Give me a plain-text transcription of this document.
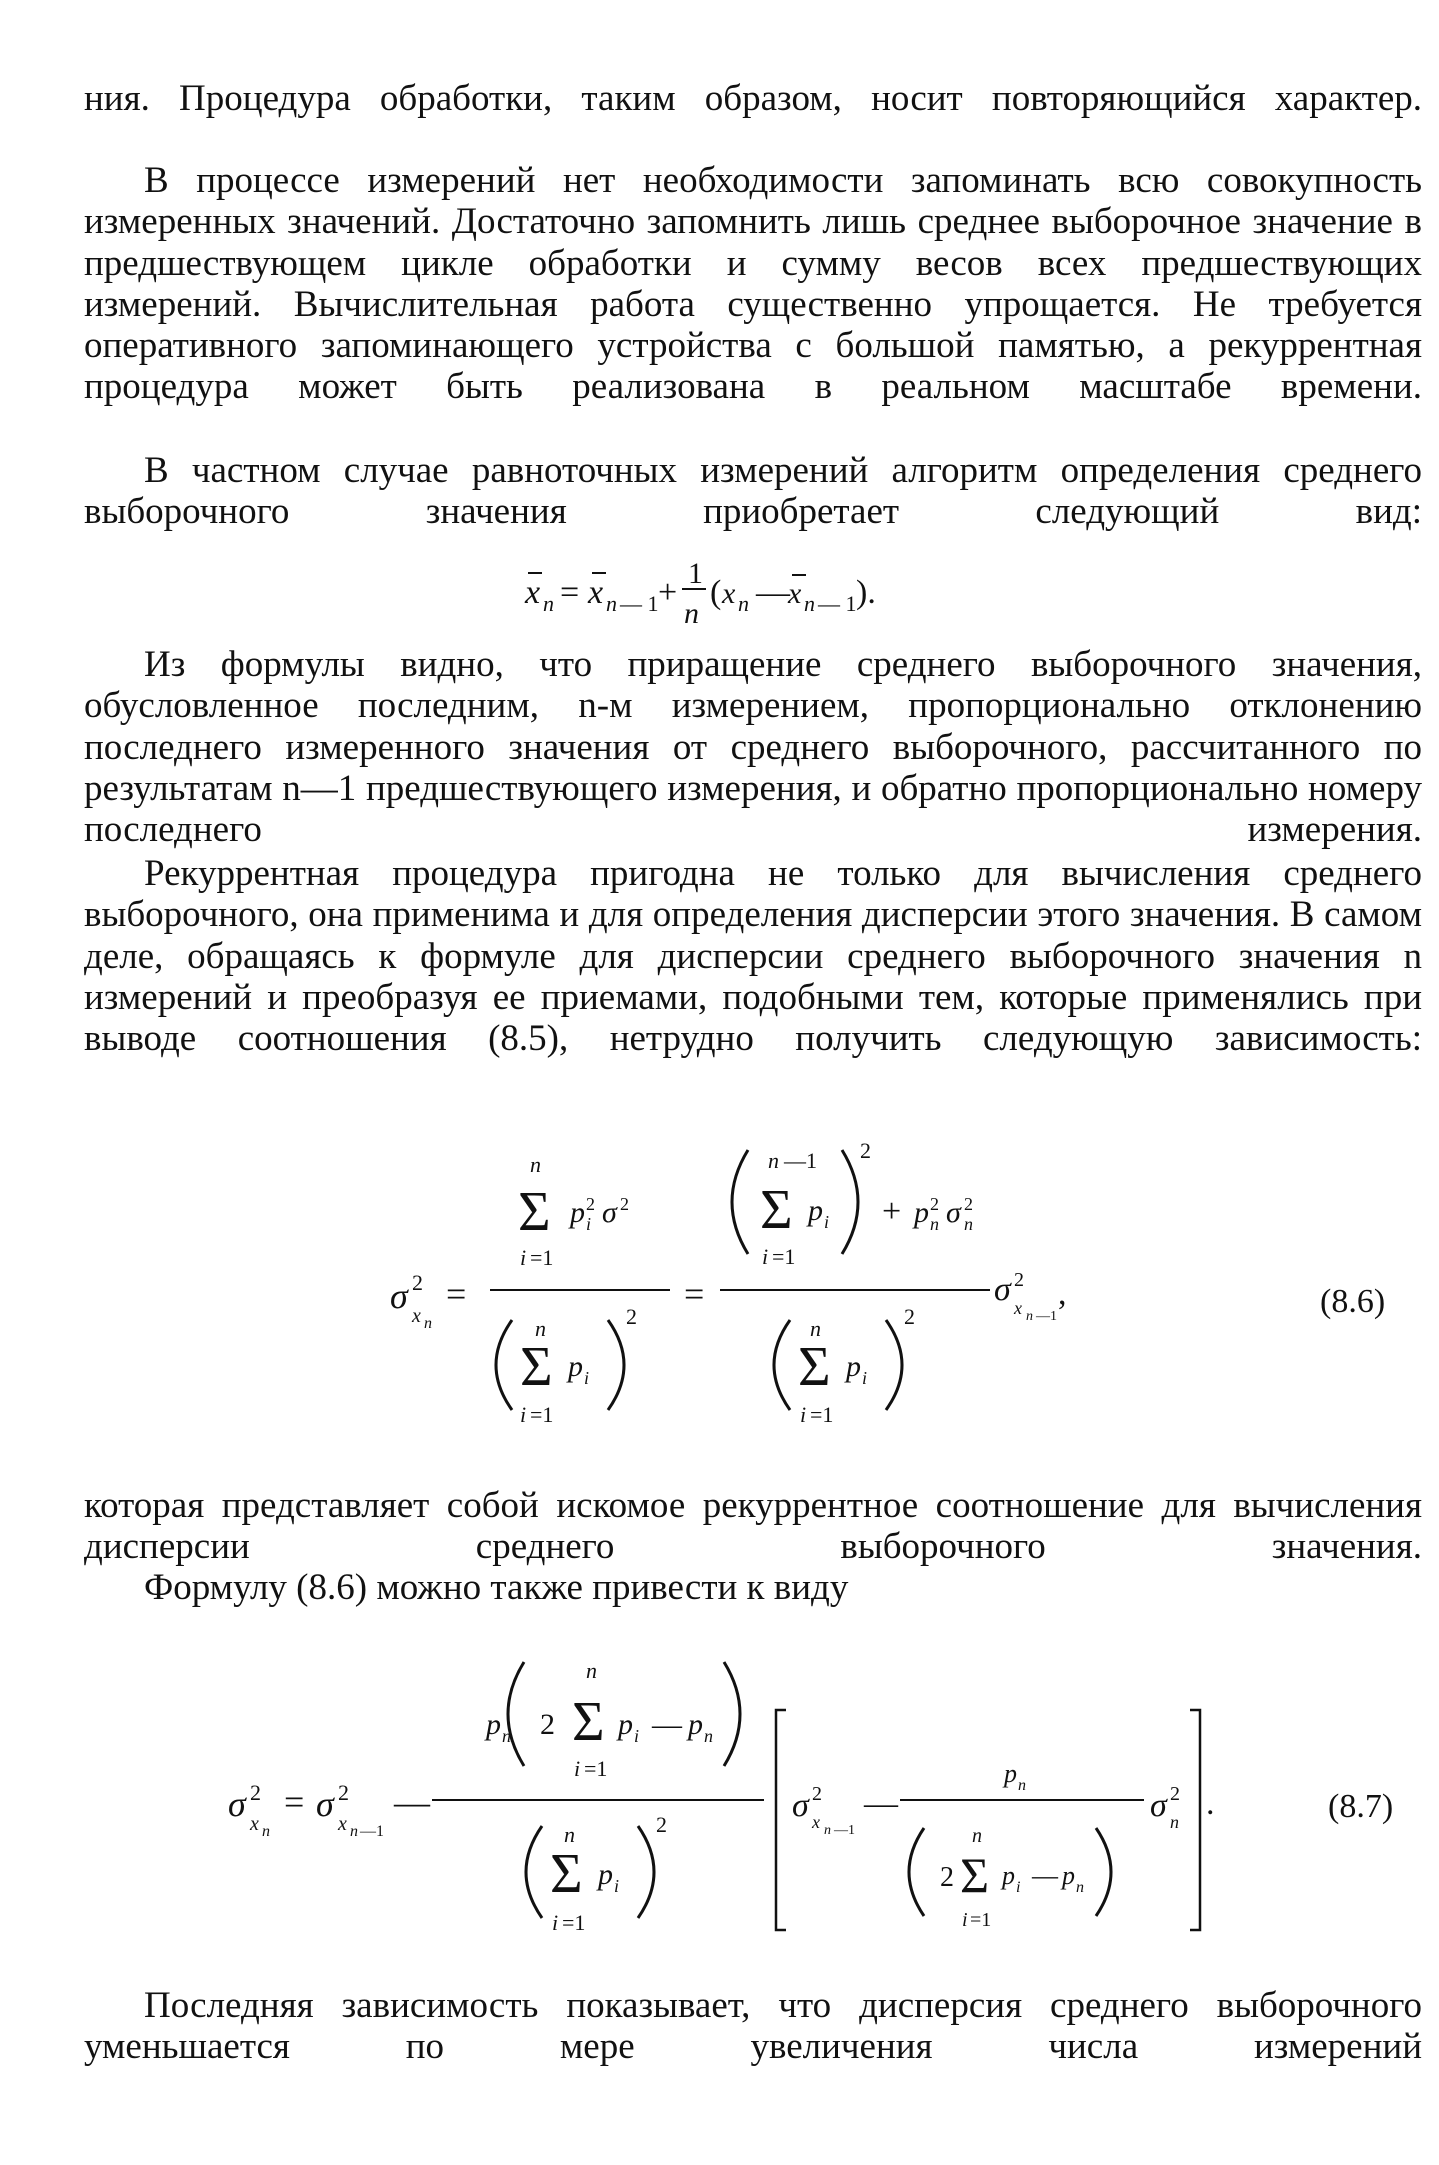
ния. Процедура обработки, таким образом, носит повторяющийся характер.

В процессе измерений нет необходимости запоминать всю совокупность измеренных значений. Достаточно запомнить лишь среднее выборочное значение в предшествующем цикле обработки и сумму весов всех предшествующих измерений. Вычислительная работа существенно упрощается. Не требуется оперативного запоминающего устройства с большой памятью, а рекуррентная процедура может быть реализована в реальном масштабе времени.

В частном случае равноточных измерений алгоритм определения среднего выборочного значения приобретает следующий вид:

x n = x n — 1 +
1
n
( x n —
x n — 1 ).

Из формулы видно, что приращение среднего выборочного значения, обусловленное последним, n-м измерением, пропорционально отклонению последнего измеренного значения от среднего выборочного, рассчитанного по результатам n—1 предшествующего измерения, и обратно пропорционально номеру последнего измерения.

Рекуррентная процедура пригодна не только для вычисления среднего выборочного, она применима и для определения дисперсии этого значения. В самом деле, обращаясь к формуле для дисперсии среднего выборочного значения n измерений и преобразуя ее приемами, подобными тем, которые применялись при выводе соотношения (8.5), нетрудно получить следующую зависимость:

σ 2
x n
=
n
Σ
i =1
p 2
i σ 2
n
Σ p i
2
i =1
=
n —1
Σ p i
2
i =1
+ p 2
n σ 2
n
n
Σ p i
2
i =1
σ 2
x n —1
,	(8.6)

которая представляет собой искомое рекуррентное соотношение для вычисления дисперсии среднего выборочного значения.

Формулу (8.6) можно также привести к виду

σ 2
x n
= σ 2
x n —1
—
p n 2
n
Σ p i — p n
i =1
n
Σ p i
2
i =1
σ 2
x n —1
—
p n
2
n
Σ p i — p n
i =1
σ 2
n .	(8.7)

Последняя зависимость показывает, что дисперсия среднего выборочного уменьшается по мере увеличения числа измерений
